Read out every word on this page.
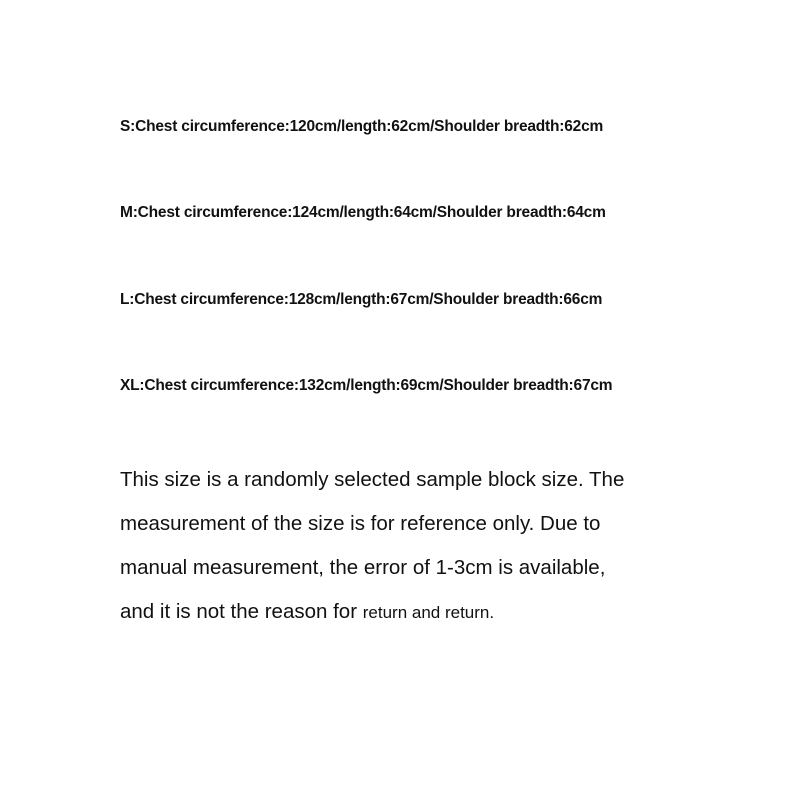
S:Chest circumference:120cm/length:62cm/Shoulder breadth:62cm

M:Chest circumference:124cm/length:64cm/Shoulder breadth:64cm

L:Chest circumference:128cm/length:67cm/Shoulder breadth:66cm

XL:Chest circumference:132cm/length:69cm/Shoulder breadth:67cm

This size is a randomly selected sample block size. The
measurement of the size is for reference only. Due to
manual measurement, the error of 1-3cm is available,
and it is not the reason for return and return.
